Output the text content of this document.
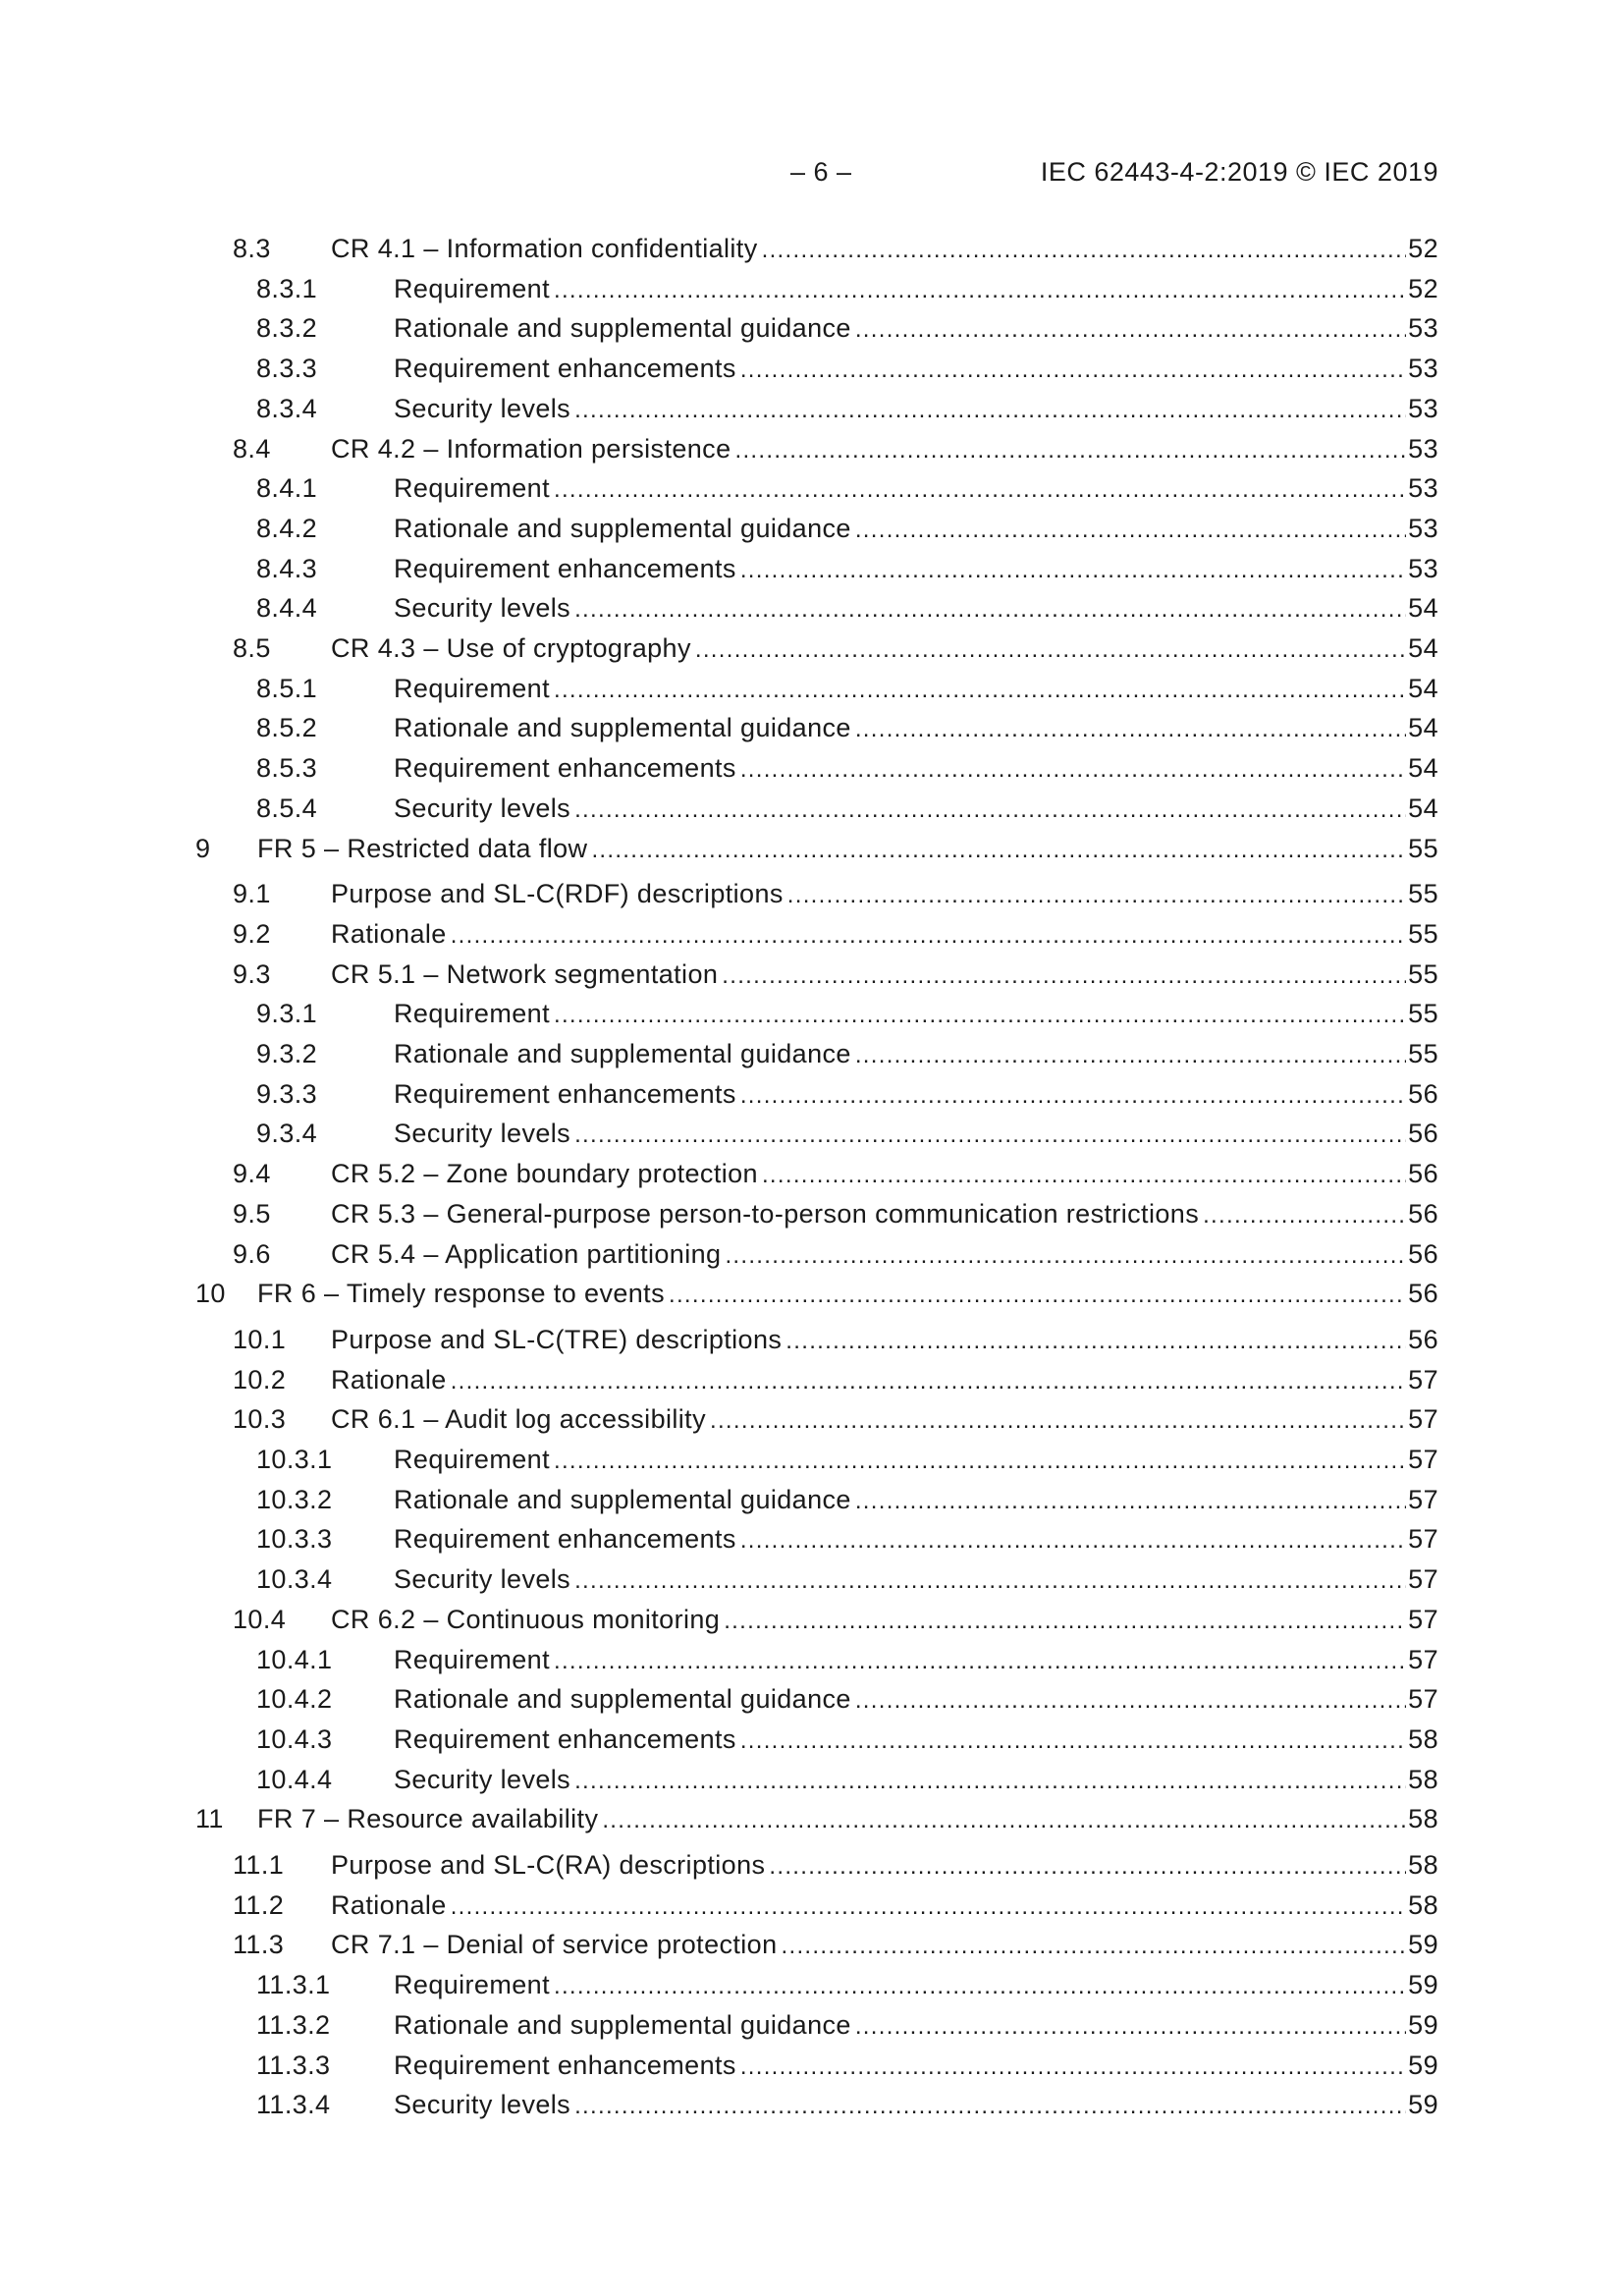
– 6 –	IEC 62443-4-2:2019 © IEC 2019
8.3 CR 4.1 – Information confidentiality .....	52
8.3.1	Requirement .....	52
8.3.2	Rationale and supplemental guidance .....	53
8.3.3	Requirement enhancements .....	53
8.3.4	Security levels .....	53
8.4 CR 4.2 – Information persistence .....	53
8.4.1	Requirement .....	53
8.4.2	Rationale and supplemental guidance .....	53
8.4.3	Requirement enhancements .....	53
8.4.4	Security levels .....	54
8.5 CR 4.3 – Use of cryptography .....	54
8.5.1	Requirement .....	54
8.5.2	Rationale and supplemental guidance .....	54
8.5.3	Requirement enhancements .....	54
8.5.4	Security levels .....	54
9 FR 5 – Restricted data flow .....	55
9.1 Purpose and SL-C(RDF) descriptions .....	55
9.2 Rationale .....	55
9.3 CR 5.1 – Network segmentation .....	55
9.3.1	Requirement .....	55
9.3.2	Rationale and supplemental guidance .....	55
9.3.3	Requirement enhancements .....	56
9.3.4	Security levels .....	56
9.4 CR 5.2 – Zone boundary protection .....	56
9.5 CR 5.3 – General-purpose person-to-person communication restrictions .....	56
9.6 CR 5.4 – Application partitioning .....	56
10 FR 6 – Timely response to events .....	56
10.1 Purpose and SL-C(TRE) descriptions .....	56
10.2 Rationale .....	57
10.3 CR 6.1 – Audit log accessibility .....	57
10.3.1 Requirement .....	57
10.3.2 Rationale and supplemental guidance .....	57
10.3.3 Requirement enhancements .....	57
10.3.4 Security levels .....	57
10.4 CR 6.2 – Continuous monitoring .....	57
10.4.1 Requirement .....	57
10.4.2 Rationale and supplemental guidance .....	57
10.4.3 Requirement enhancements .....	58
10.4.4 Security levels .....	58
11 FR 7 – Resource availability .....	58
11.1 Purpose and SL-C(RA) descriptions .....	58
11.2 Rationale .....	58
11.3 CR 7.1 – Denial of service protection .....	59
11.3.1 Requirement .....	59
11.3.2 Rationale and supplemental guidance .....	59
11.3.3 Requirement enhancements .....	59
11.3.4 Security levels .....	59
